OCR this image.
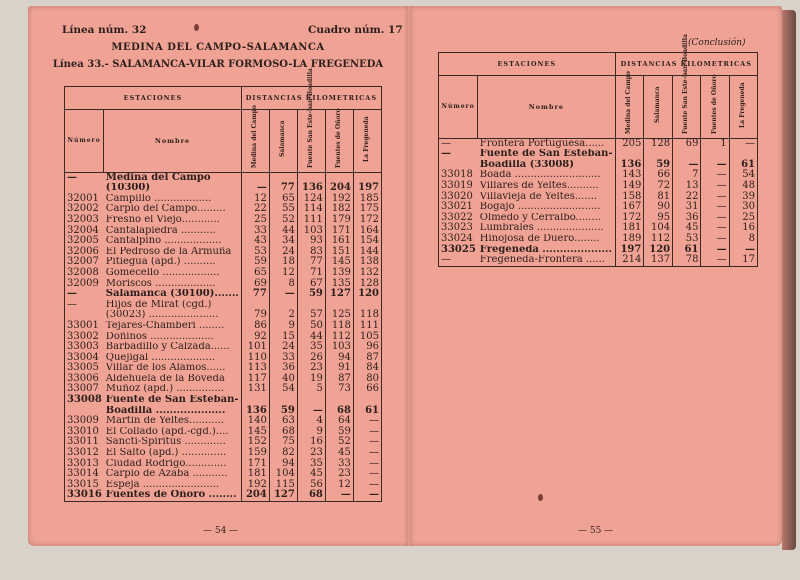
Línea núm. 32	Cuadro núm. 17
MEDINA DEL CAMPO-SALAMANCA
Línea 33.- SALAMANCA-VILAR FORMOSO-LA FREGENEDA
ESTACIONES		DISTANCIAS KILOMETRICAS				
Número	Nombre	Medina del Campo	Salamanca	Fuente San Este-ban-Boadilla	Fuentes de Oñoro	La Fregeneda
—	Medina del Campo					
	(10300)	—	77	136	204	197
32001	Campillo ..................	12	65	124	192	185
32002	Carpio del Campo.........	22	55	114	182	175
32003	Fresno el Viejo............	25	52	111	179	172
32004	Cantalapiedra ...........	33	44	103	171	164
32005	Cantalpino ..................	43	34	93	161	154
32006	El Pedroso de la Armuña	53	24	83	151	144
32007	Pitiegua (apd.) ..........	59	18	77	145	138
32008	Gomecello ..................	65	12	71	139	132
32009	Moriscos ...................	69	8	67	135	128
—	Salamanca (30100).......	77	—	59	127	120
—	Hijos de Mirat (cgd.)					
	(30023) ......................	79	2	57	125	118
33001	Tejares-Chamberí ........	86	9	50	118	111
33002	Doñinos ....................	92	15	44	112	105
33003	Barbadillo y Calzada......	101	24	35	103	96
33004	Quejigal ....................	110	33	26	94	87
33005	Villar de los Álamos......	113	36	23	91	84
33006	Aldehuela de la Bóveda	117	40	19	87	80
33007	Muñoz (apd.) ...............	131	54	5	73	66
33008	Fuente de San Esteban-					
	Boadilla ....................	136	59	—	68	61
33009	Martín de Yeltes...........	140	63	4	64	—
33010	El Collado (apd.-cgd.)....	145	68	9	59	—
33011	Sancti-Spiritus .............	152	75	16	52	—
33012	El Salto (apd.) ..............	159	82	23	45	—
33013	Ciudad Rodrigo.............	171	94	35	33	—
33014	Carpio de Azaba ...........	181	104	45	23	—
33015	Espeja ........................	192	115	56	12	—
33016	Fuentes de Oñoro ........	204	127	68	—	—
— 54 —
(Conclusión)
ESTACIONES		DISTANCIAS KILOMETRICAS				
Número	Nombre	Medina del Campo	Salamanca	Fuente San Este-ban-Boadilla	Fuentes de Oñoro	La Fregeneda
—	Frontera Portuguesa......	205	128	69	1	—
—	Fuente de San Esteban-					
	Boadilla (33008)	136	59	—	—	61
33018	Boada ...........................	143	66	7	—	54
33019	Villares de Yeltes..........	149	72	13	—	48
33020	Villavieja de Yeltes.......	158	81	22	—	39
33021	Bogajo ..........................	167	90	31	—	30
33022	Olmedo y Cerralbo........	172	95	36	—	25
33023	Lumbrales .....................	181	104	45	—	16
33024	Hinojosa de Duero........	189	112	53	—	8
33025	Fregeneda ....................	197	120	61	—	—
—	Fregeneda-Frontera ......	214	137	78	—	17
— 55 —
